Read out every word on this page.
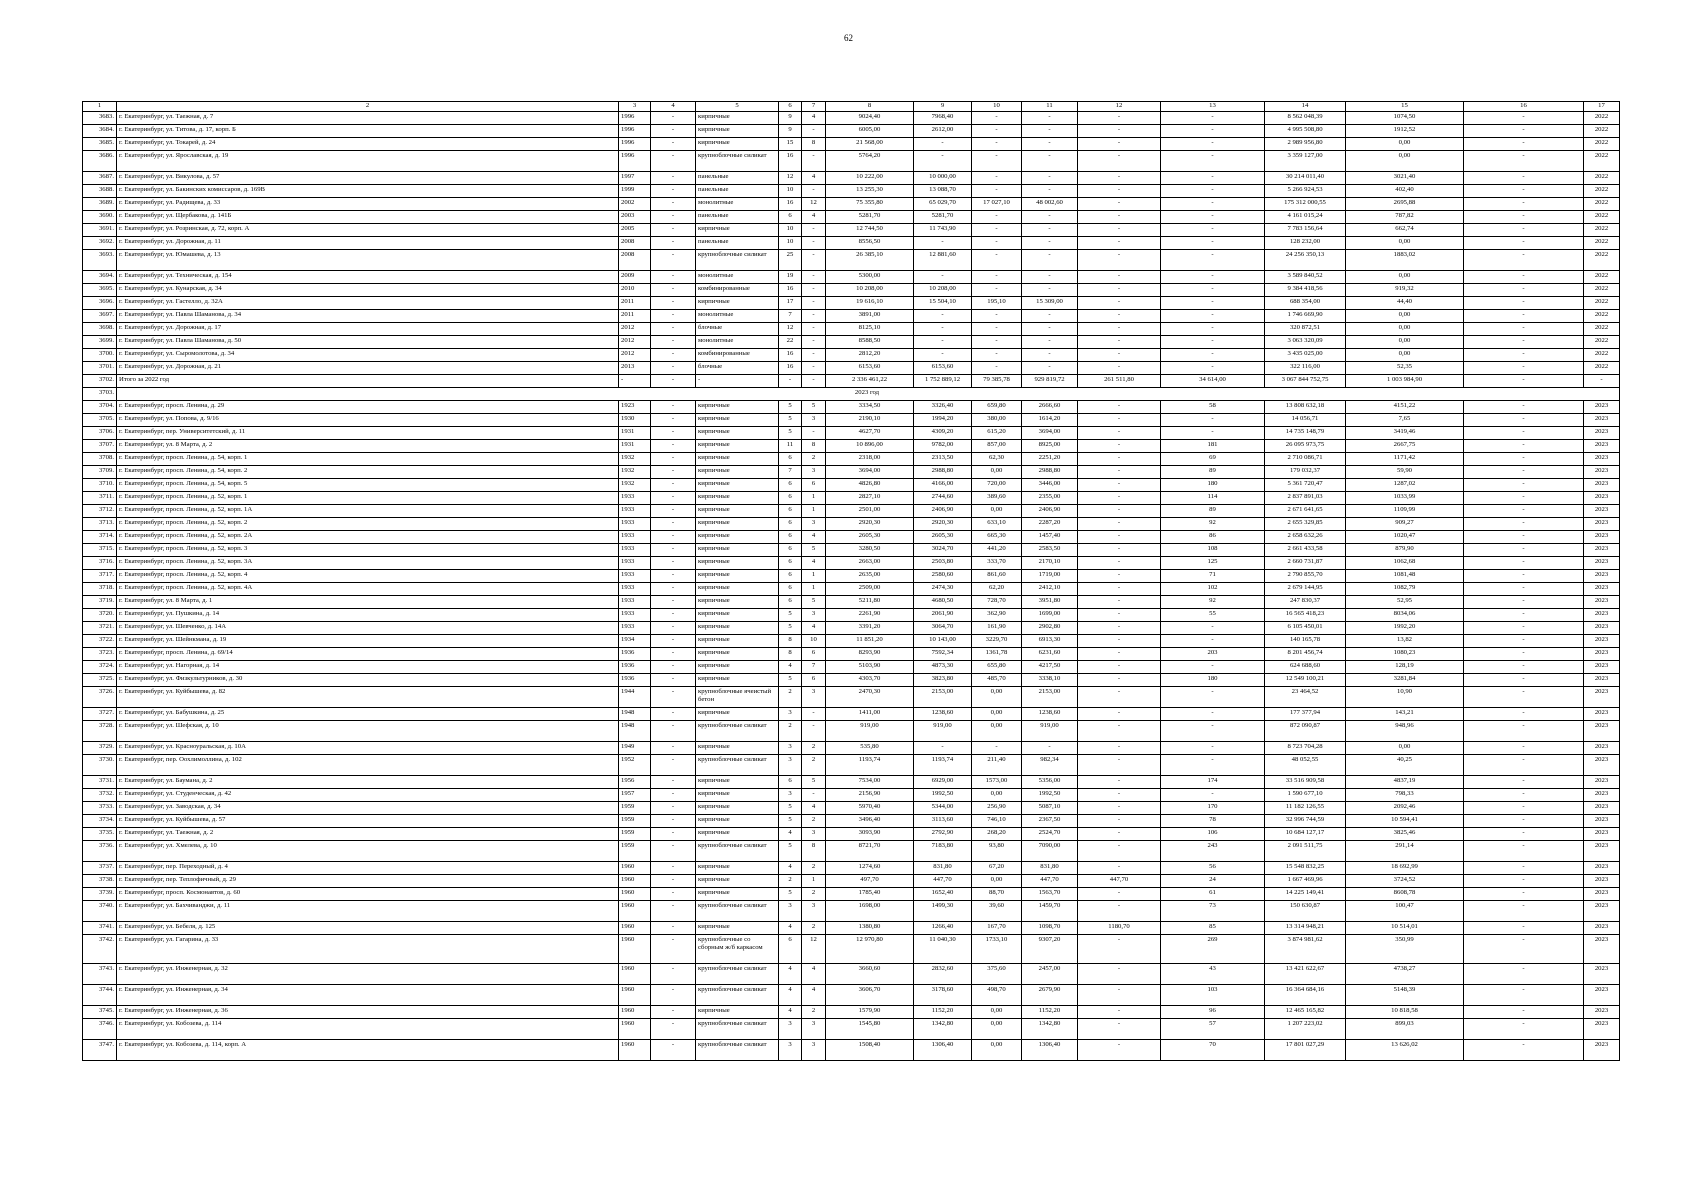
62
1	2	3	4	5	6	7	8	9	10	11	12	13	14	15	16	17
3683.	г. Екатеринбург, ул. Таежная, д. 7	1996	-	кирпичные	9	4	9024,40	7968,40	-	-	-	-	8 562 048,39	1074,50	-	2022
3684.	г. Екатеринбург, ул. Титова, д. 17, корп. Б	1996	-	кирпичные	9	-	6005,00	2612,00	-	-	-	-	4 995 508,80	1912,52	-	2022
3685.	г. Екатеринбург, ул. Токарей, д. 24	1996	-	кирпичные	15	8	21 568,00	-	-	-	-	-	2 989 956,80	0,00	-	2022
3686.	г. Екатеринбург, ул. Ярославская, д. 19	1996	-	крупноблочные силикат	16	-	5764,20	-	-	-	-	-	3 359 127,00	0,00	-	2022
3687.	г. Екатеринбург, ул. Викулова, д. 57	1997	-	панельные	12	4	10 222,00	10 000,00	-	-	-	-	30 214 011,40	3021,40	-	2022
3688.	г. Екатеринбург, ул. Бакинских комиссаров, д. 169В	1999	-	панельные	10	-	13 255,30	13 088,70	-	-	-	-	5 266 924,53	402,40	-	2022
3689.	г. Екатеринбург, ул. Радищева, д. 33	2002	-	монолитные	16	12	75 355,80	65 029,70	17 027,10	48 002,60	-	-	175 312 000,55	2695,88	-	2022
3690.	г. Екатеринбург, ул. Щербакова, д. 141Б	2003	-	панельные	6	4	5281,70	5281,70	-	-	-	-	4 161 015,24	787,82	-	2022
3691.	г. Екатеринбург, ул. Розринская, д. 72, корп. А	2005	-	кирпичные	10	-	12 744,50	11 743,90	-	-	-	-	7 783 156,64	662,74	-	2022
3692.	г. Екатеринбург, ул. Дорожная, д. 11	2008	-	панельные	10	-	8556,50	-	-	-	-	-	128 232,00	0,00	-	2022
3693.	г. Екатеринбург, ул. Юмашева, д. 13	2008	-	крупноблочные силикат	25	-	26 385,10	12 881,60	-	-	-	-	24 256 350,13	1883,02	-	2022
3694.	г. Екатеринбург, ул. Техническая, д. 154	2009	-	монолитные	19	-	5300,00	-	-	-	-	-	3 589 840,52	0,00	-	2022
3695.	г. Екатеринбург, ул. Кунарская, д. 34	2010	-	комбинированные	16	-	10 208,00	10 208,00	-	-	-	-	9 384 418,56	919,32	-	2022
3696.	г. Екатеринбург, ул. Гастелло, д. 32А	2011	-	кирпичные	17	-	19 616,10	15 504,10	195,10	15 309,00	-	-	688 354,00	44,40	-	2022
3697.	г. Екатеринбург, ул. Павла Шаманова, д. 34	2011	-	монолитные	7	-	3891,00	-	-	-	-	-	1 746 669,90	0,00	-	2022
3698.	г. Екатеринбург, ул. Дорожная, д. 17	2012	-	блочные	12	-	8125,10	-	-	-	-	-	320 872,51	0,00	-	2022
3699.	г. Екатеринбург, ул. Павла Шаманова, д. 50	2012	-	монолитные	22	-	8588,50	-	-	-	-	-	3 063 320,09	0,00	-	2022
3700.	г. Екатеринбург, ул. Сыромолотова, д. 34	2012	-	комбинированные	16	-	2812,20	-	-	-	-	-	3 435 025,00	0,00	-	2022
3701.	г. Екатеринбург, ул. Дорожная, д. 21	2013	-	блочные	16	-	6153,60	6153,60	-	-	-	-	322 116,00	52,35	-	2022
3702.	Итого за 2022 год	-	-	-	-	-	2 336 461,22	1 752 889,12	79 385,78	929 819,72	261 511,80	34 614,00	3 067 844 752,75	1 003 984,90	-	-
3703.	2023 год															
3704.	г. Екатеринбург, просп. Ленина, д. 29	1923	-	кирпичные	5	5	3334,50	3326,40	659,80	2666,60	-	58	13 808 632,18	4151,22	-	2023
3705.	г. Екатеринбург, ул. Попова, д. 9/16	1930	-	кирпичные	5	3	2190,10	1994,20	380,00	1614,20	-	-	14 056,71	7,65	-	2023
3706.	г. Екатеринбург, пер. Университетский, д. 11	1931	-	кирпичные	5	-	4627,70	4309,20	615,20	3694,00	-	-	14 735 148,79	3419,46	-	2023
3707.	г. Екатеринбург, ул. 8 Марта, д. 2	1931	-	кирпичные	11	8	10 896,00	9782,00	857,00	8925,00	-	181	26 095 973,75	2667,75	-	2023
3708.	г. Екатеринбург, просп. Ленина, д. 54, корп. 1	1932	-	кирпичные	6	2	2318,00	2313,50	62,30	2251,20	-	69	2 710 086,71	1171,42	-	2023
3709.	г. Екатеринбург, просп. Ленина, д. 54, корп. 2	1932	-	кирпичные	7	3	3694,00	2988,80	0,00	2988,80	-	89	179 032,37	59,90	-	2023
3710.	г. Екатеринбург, просп. Ленина, д. 54, корп. 5	1932	-	кирпичные	6	6	4826,80	4166,00	720,00	3446,00	-	180	5 361 720,47	1287,02	-	2023
3711.	г. Екатеринбург, просп. Ленина, д. 52, корп. 1	1933	-	кирпичные	6	1	2827,10	2744,60	389,60	2355,00	-	114	2 837 891,03	1033,99	-	2023
3712.	г. Екатеринбург, просп. Ленина, д. 52, корп. 1А	1933	-	кирпичные	6	1	2501,00	2406,90	0,00	2406,90	-	89	2 671 641,65	1109,99	-	2023
3713.	г. Екатеринбург, просп. Ленина, д. 52, корп. 2	1933	-	кирпичные	6	3	2920,30	2920,30	633,10	2287,20	-	92	2 655 329,85	909,27	-	2023
3714.	г. Екатеринбург, просп. Ленина, д. 52, корп. 2А	1933	-	кирпичные	6	4	2605,30	2605,30	665,30	1457,40	-	86	2 658 632,26	1020,47	-	2023
3715.	г. Екатеринбург, просп. Ленина, д. 52, корп. 3	1933	-	кирпичные	6	5	3280,50	3024,70	441,20	2583,50	-	108	2 661 433,58	879,90	-	2023
3716.	г. Екатеринбург, просп. Ленина, д. 52, корп. 3А	1933	-	кирпичные	6	4	2663,00	2503,80	333,70	2170,10	-	125	2 660 731,87	1062,68	-	2023
3717.	г. Екатеринбург, просп. Ленина, д. 52, корп. 4	1933	-	кирпичные	6	1	2635,00	2580,60	861,60	1719,00	-	71	2 790 855,70	1081,48	-	2023
3718.	г. Екатеринбург, просп. Ленина, д. 52, корп. 4А	1933	-	кирпичные	6	1	2509,00	2474,30	62,20	2412,10	-	102	2 679 144,95	1082,79	-	2023
3719.	г. Екатеринбург, ул. 8 Марта, д. 1	1933	-	кирпичные	6	5	5211,80	4680,50	728,70	3951,80	-	92	247 830,37	52,95	-	2023
3720.	г. Екатеринбург, ул. Пушкина, д. 14	1933	-	кирпичные	5	3	2261,90	2061,90	362,90	1699,00	-	55	16 565 418,23	8034,06	-	2023
3721.	г. Екатеринбург, ул. Шевченко, д. 14А	1933	-	кирпичные	5	4	3391,20	3064,70	161,90	2902,80	-	-	6 105 450,01	1992,20	-	2023
3722.	г. Екатеринбург, ул. Шейнкмана, д. 19	1934	-	кирпичные	8	10	11 851,20	10 143,00	3229,70	6913,30	-	-	140 165,78	13,82	-	2023
3723.	г. Екатеринбург, просп. Ленина, д. 69/14	1936	-	кирпичные	8	6	8293,90	7592,34	1361,78	6231,60	-	203	8 201 456,74	1080,23	-	2023
3724.	г. Екатеринбург, ул. Нагорная, д. 14	1936	-	кирпичные	4	7	5103,90	4873,30	655,80	4217,50	-	-	624 688,60	128,19	-	2023
3725.	г. Екатеринбург, ул. Физкультурников, д. 30	1936	-	кирпичные	5	6	4303,70	3823,80	485,70	3338,10	-	180	12 549 100,21	3281,84	-	2023
3726.	г. Екатеринбург, ул. Куйбышева, д. 82	1944	-	крупноблочные ячеистый бетон	2	3	2470,30	2153,00	0,00	2153,00	-	-	23 464,52	10,90	-	2023
3727.	г. Екатеринбург, ул. Бабушкина, д. 25	1948	-	кирпичные	3	-	1411,00	1238,60	0,00	1238,60	-	-	177 377,94	143,21	-	2023
3728.	г. Екатеринбург, ул. Шефская, д. 10	1948	-	крупноблочные силикат	2	-	919,00	919,00	0,00	919,00	-	-	872 090,87	948,96	-	2023
3729.	г. Екатеринбург, ул. Красноуральская, д. 10А	1949	-	кирпичные	3	2	535,80	-	-	-	-	-	8 723 704,28	0,00	-	2023
3730.	г. Екатеринбург, пер. Оохлимоллина, д. 102	1952	-	крупноблочные силикат	3	2	1193,74	1193,74	211,40	982,34	-	-	48 052,55	40,25	-	2023
3731.	г. Екатеринбург, ул. Баумана, д. 2	1956	-	кирпичные	6	5	7534,00	6929,00	1573,00	5356,00	-	174	33 516 909,58	4837,19	-	2023
3732.	г. Екатеринбург, ул. Студенческая, д. 42	1957	-	кирпичные	3	-	2156,90	1992,50	0,00	1992,50	-	-	1 590 677,10	798,33	-	2023
3733.	г. Екатеринбург, ул. Заводская, д. 34	1959	-	кирпичные	5	4	5970,40	5344,00	256,90	5087,10	-	170	11 182 126,55	2092,46	-	2023
3734.	г. Екатеринбург, ул. Куйбышева, д. 57	1959	-	кирпичные	5	2	3496,40	3113,60	746,10	2367,50	-	78	32 996 744,59	10 594,41	-	2023
3735.	г. Екатеринбург, ул. Таежная, д. 2	1959	-	кирпичные	4	3	3093,90	2792,90	268,20	2524,70	-	106	10 684 127,17	3825,46	-	2023
3736.	г. Екатеринбург, ул. Хмелева, д. 10	1959	-	крупноблочные силикат	5	8	8721,70	7183,80	93,80	7090,00	-	243	2 091 511,75	291,14	-	2023
3737.	г. Екатеринбург, пер. Переходный, д. 4	1960	-	кирпичные	4	2	1274,60	831,80	67,20	831,80	-	56	15 548 832,25	18 692,99	-	2023
3738.	г. Екатеринбург, пер. Теплофичный, д. 29	1960	-	кирпичные	2	1	497,70	447,70	0,00	447,70	447,70	24	1 667 469,96	3724,52	-	2023
3739.	г. Екатеринбург, просп. Космонавтов, д. 60	1960	-	кирпичные	5	2	1785,40	1652,40	88,70	1563,70	-	61	14 225 149,41	8608,78	-	2023
3740.	г. Екатеринбург, ул. Бахчиванджи, д. 11	1960	-	крупноблочные силикат	3	3	1698,00	1499,30	39,60	1459,70	-	73	150 630,87	100,47	-	2023
3741.	г. Екатеринбург, ул. Бебеля, д. 125	1960	-	кирпичные	4	2	1380,80	1266,40	167,70	1098,70	1180,70	85	13 314 948,21	10 514,01	-	2023
3742.	г. Екатеринбург, ул. Гагарина, д. 33	1960	-	крупноблочные со сборным ж/б каркасом	6	12	12 970,80	11 040,30	1733,10	9307,20	-	269	3 874 981,62	350,99	-	2023
3743.	г. Екатеринбург, ул. Инженерная, д. 32	1960	-	крупноблочные силикат	4	4	3660,60	2832,60	375,60	2457,00	-	43	13 421 622,67	4738,27	-	2023
3744.	г. Екатеринбург, ул. Инженерная, д. 34	1960	-	крупноблочные силикат	4	4	3606,70	3178,60	498,70	2679,90	-	103	16 364 684,16	5148,39	-	2023
3745.	г. Екатеринбург, ул. Инженерная, д. 36	1960	-	кирпичные	4	2	1579,90	1152,20	0,00	1152,20	-	96	12 465 165,82	10 818,58	-	2023
3746.	г. Екатеринбург, ул. Кобозева, д. 114	1960	-	крупноблочные силикат	3	3	1545,80	1342,80	0,00	1342,80	-	57	1 207 223,02	899,03	-	2023
3747.	г. Екатеринбург, ул. Кобозева, д. 114, корп. А	1960	-	крупноблочные силикат	3	3	1508,40	1306,40	0,00	1306,40	-	70	17 801 027,29	13 626,02	-	2023
